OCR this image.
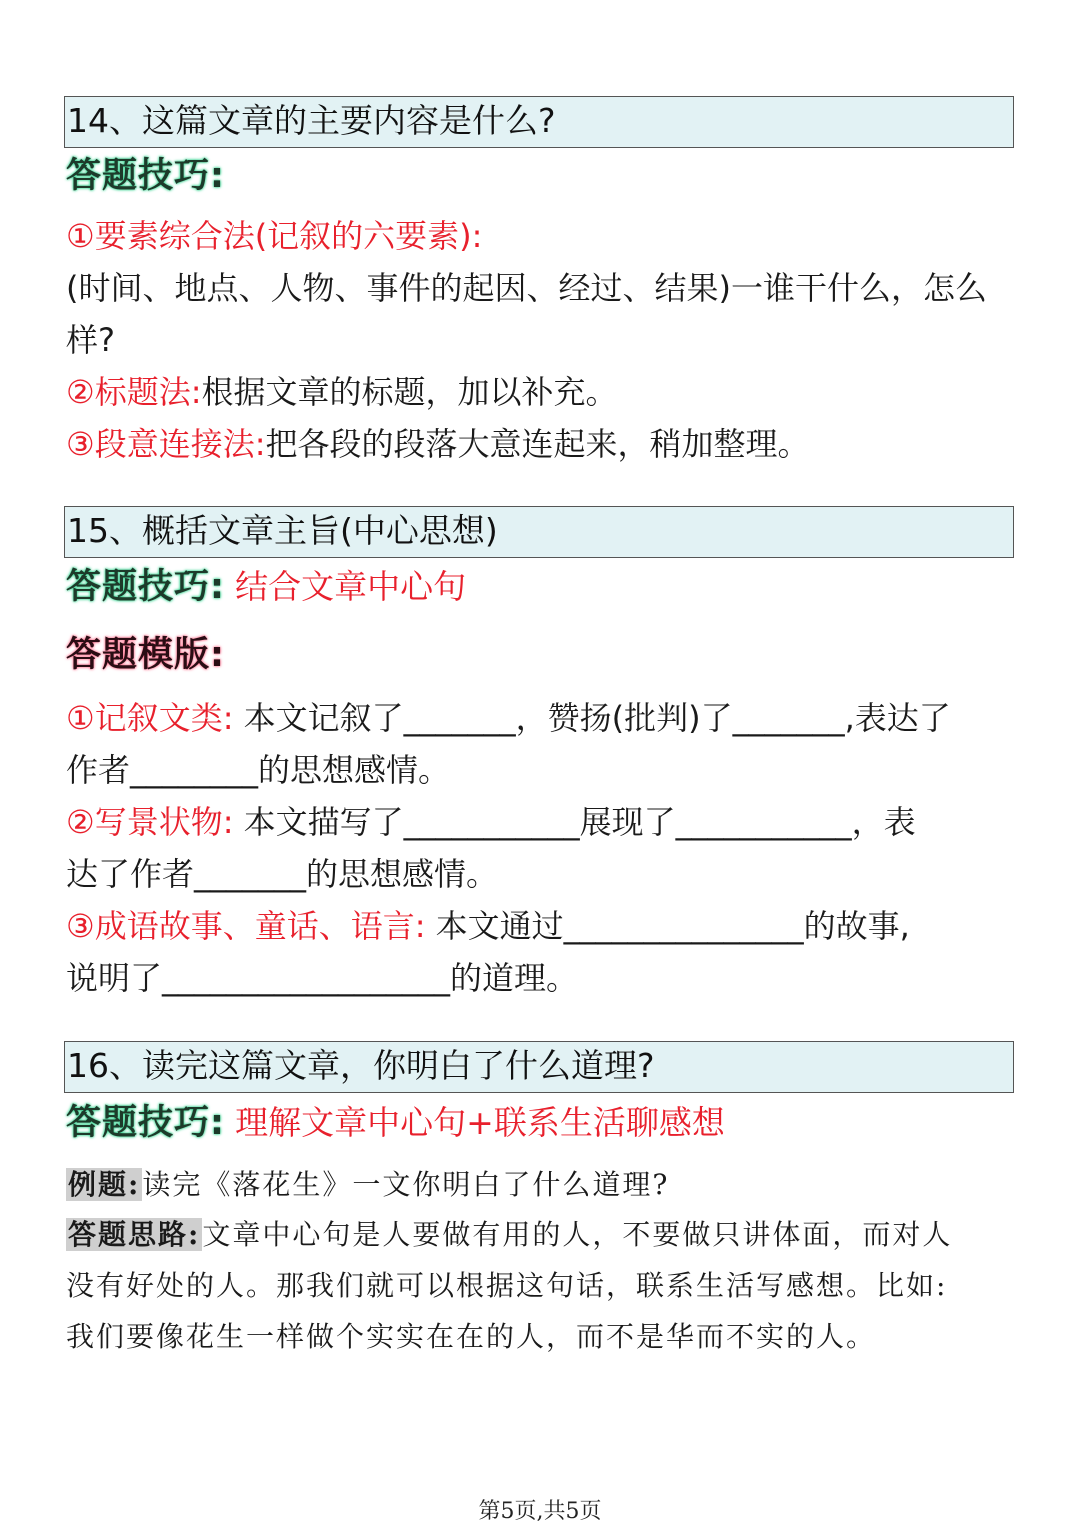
14、这篇文章的主要内容是什么?
答题技巧:
①要素综合法(记叙的六要素):
(时间、地点、人物、事件的起因、经过、结果)一谁干什么，怎么
样?
②标题法:根据文章的标题，加以补充。
③段意连接法:把各段的段落大意连起来，稍加整理。
15、概括文章主旨(中心思想)
答题技巧: 结合文章中心句
答题模版:
①记叙文类: 本文记叙了_______，赞扬(批判)了_______,表达了
作者________的思想感情。
②写景状物: 本文描写了___________展现了___________，表
达了作者_______的思想感情。
③成语故事、童话、语言: 本文通过_______________的故事,
说明了__________________的道理。
16、读完这篇文章，你明白了什么道理?
答题技巧: 理解文章中心句+联系生活聊感想
例题:读完《落花生》一文你明白了什么道理?
答题思路:文章中心句是人要做有用的人，不要做只讲体面，而对人
没有好处的人。那我们就可以根据这句话，联系生活写感想。比如:
我们要像花生一样做个实实在在的人，而不是华而不实的人。
第5页,共5页
